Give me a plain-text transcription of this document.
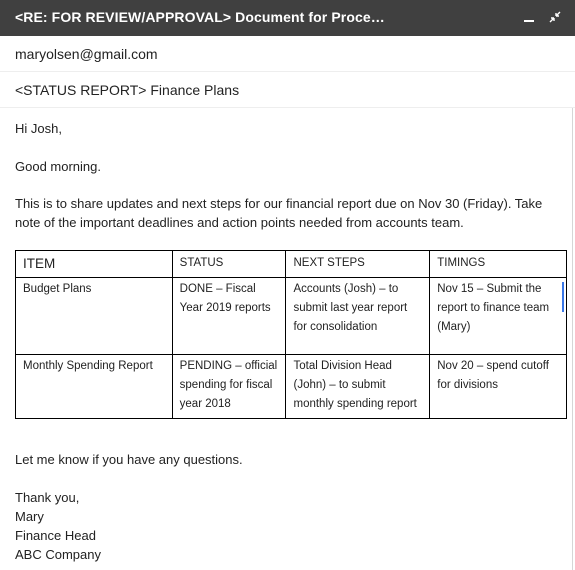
<RE: FOR REVIEW/APPROVAL> Document for Proce…
maryolsen@gmail.com
<STATUS REPORT> Finance Plans

Hi Josh,

Good morning.

This is to share updates and next steps for our financial report due on Nov 30 (Friday). Take note of the important deadlines and action points needed from accounts team.

Let me know if you have any questions.

Thank you,

Mary

Finance Head

ABC Company

ITEM	STATUS	NEXT STEPS	TIMINGS
Budget Plans	DONE – Fiscal Year 2019 reports	Accounts (Josh) – to submit last year report for consolidation	Nov 15 – Submit the report to finance team (Mary)
Monthly Spending Report	PENDING – official spending for fiscal year 2018	Total Division Head (John) – to submit monthly spending report	Nov 20 – spend cutoff for divisions
